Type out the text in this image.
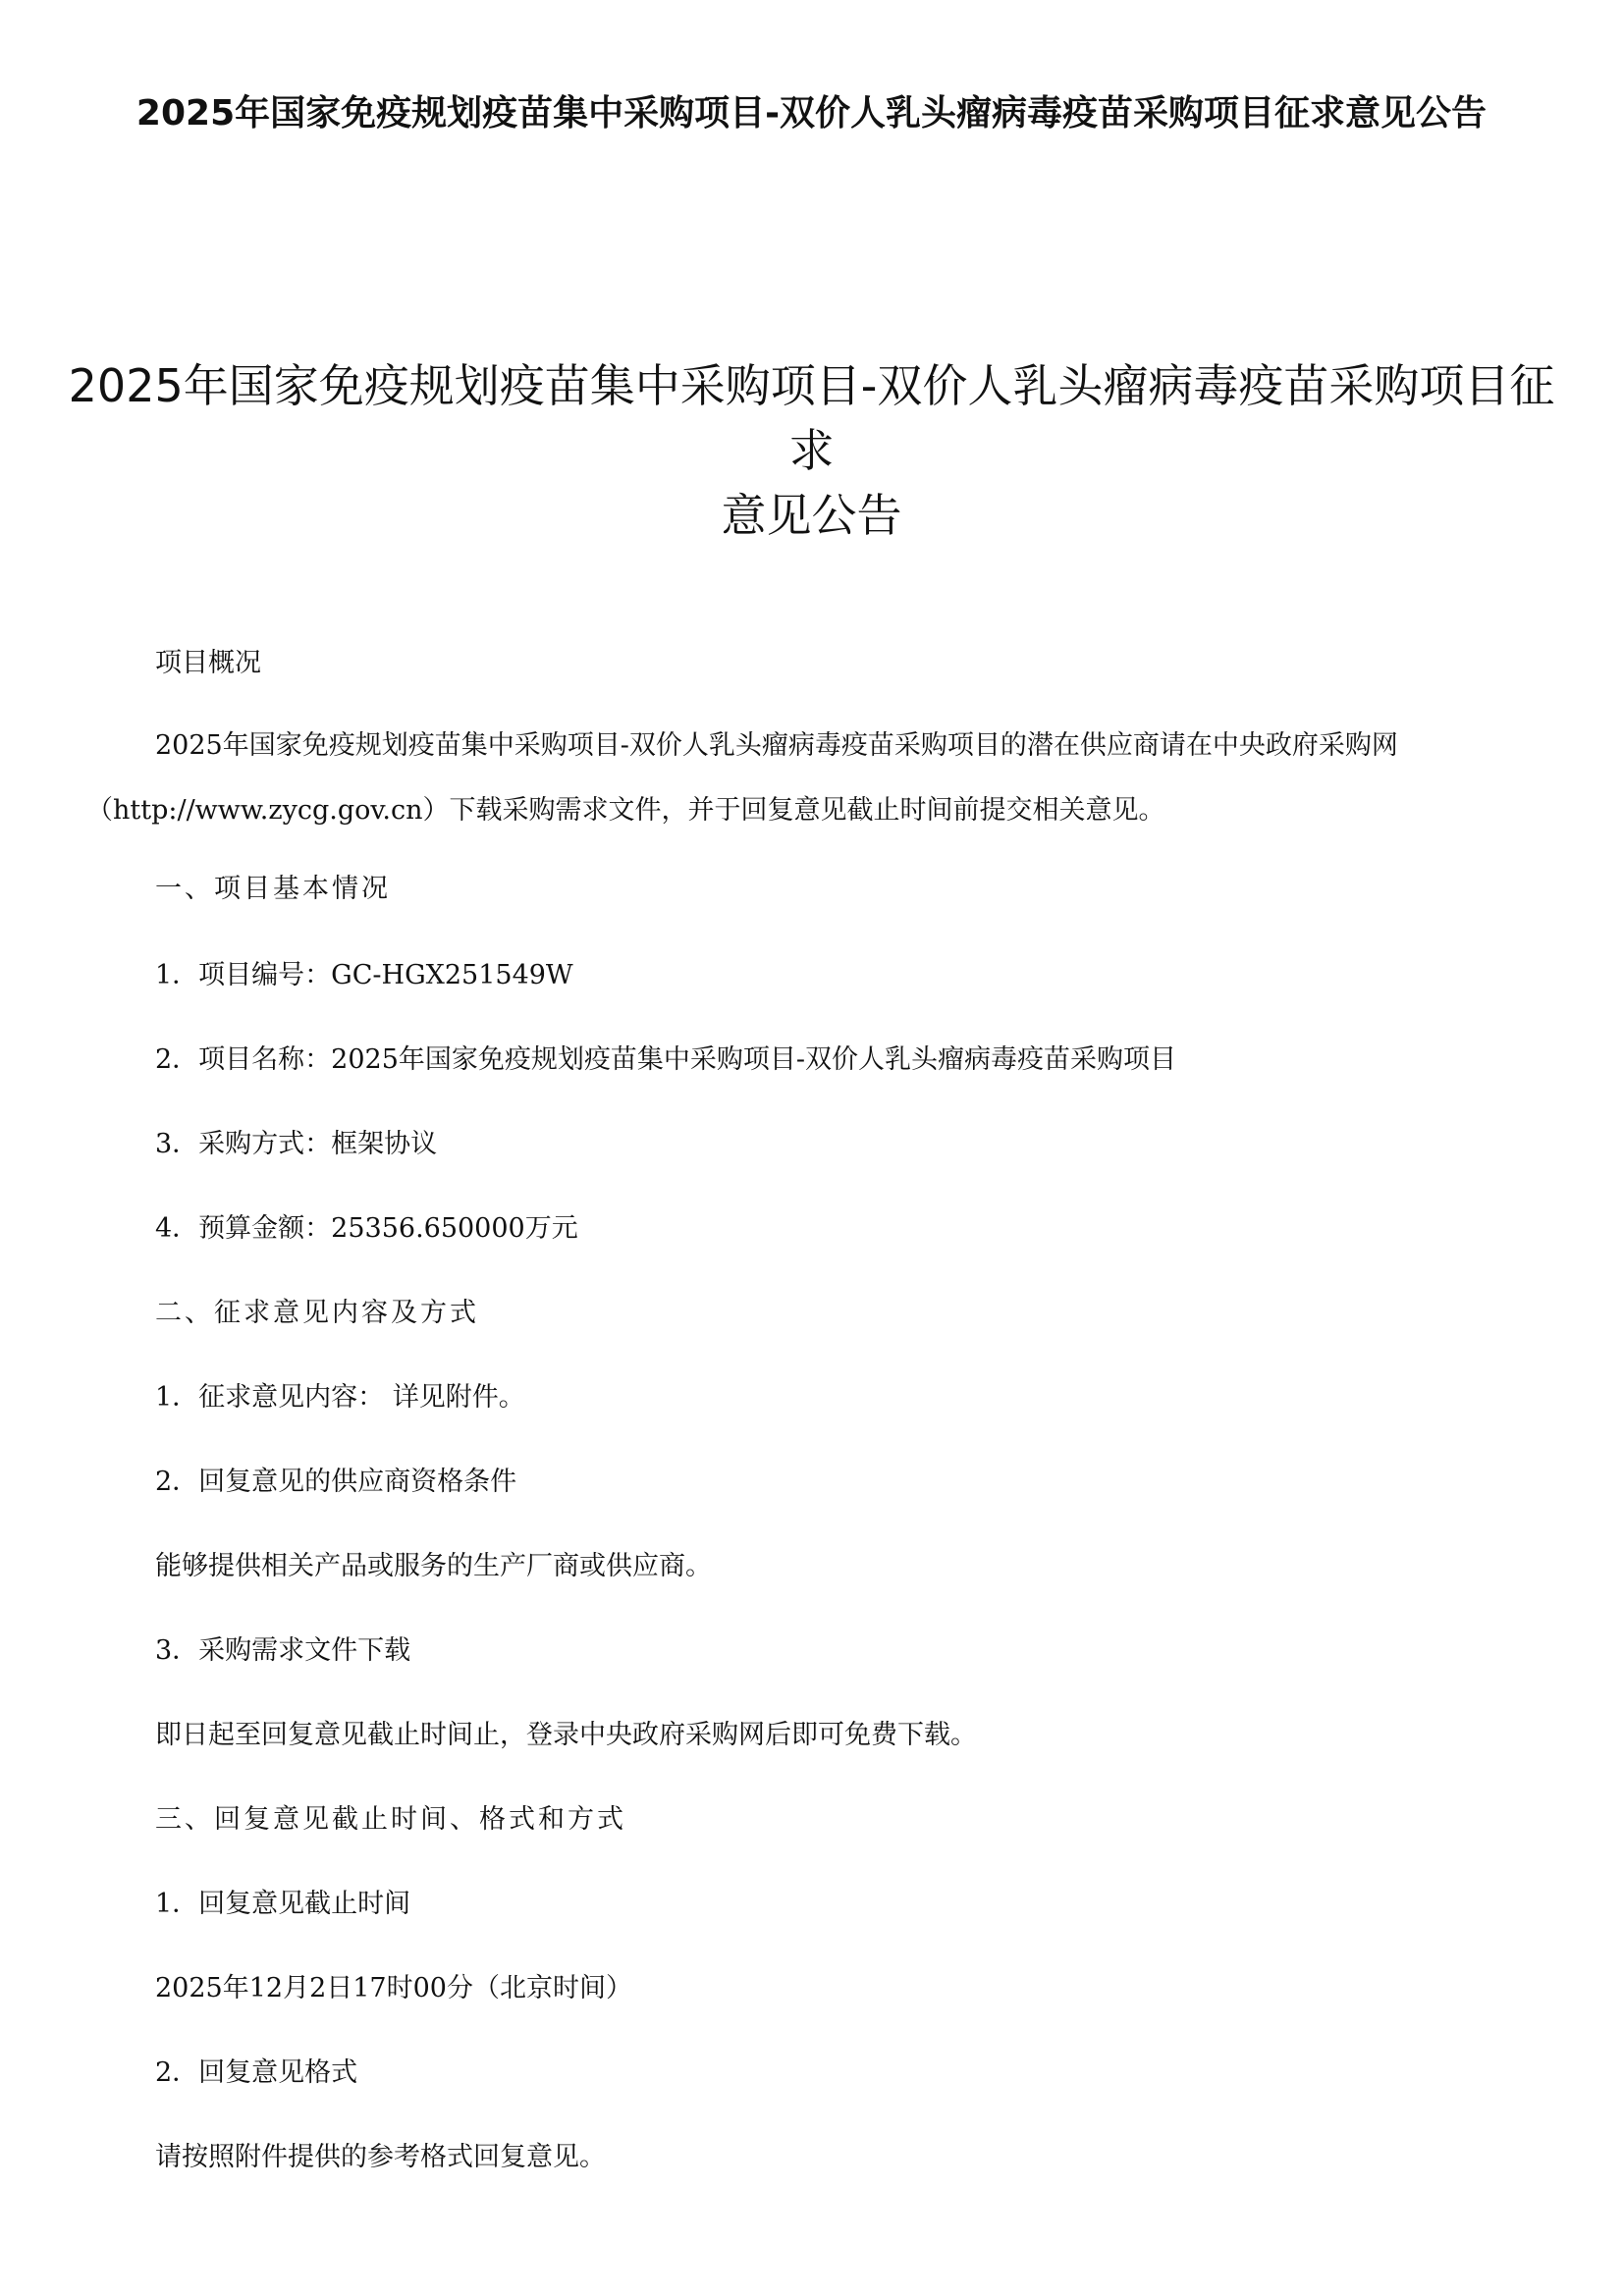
2025年国家免疫规划疫苗集中采购项目-双价人乳头瘤病毒疫苗采购项目征求意见公告
2025年国家免疫规划疫苗集中采购项目-双价人乳头瘤病毒疫苗采购项目征求
意见公告
项目概况
2025年国家免疫规划疫苗集中采购项目-双价人乳头瘤病毒疫苗采购项目的潜在供应商请在中央政府采购网
（http://www.zycg.gov.cn）下载采购需求文件，并于回复意见截止时间前提交相关意见。
一、项目基本情况
1．项目编号：GC-HGX251549W
2．项目名称：2025年国家免疫规划疫苗集中采购项目-双价人乳头瘤病毒疫苗采购项目
3．采购方式：框架协议
4．预算金额：25356.650000万元
二、征求意见内容及方式
1．征求意见内容： 详见附件。
2．回复意见的供应商资格条件
能够提供相关产品或服务的生产厂商或供应商。
3．采购需求文件下载
即日起至回复意见截止时间止，登录中央政府采购网后即可免费下载。
三、回复意见截止时间、格式和方式
1．回复意见截止时间
2025年12月2日17时00分（北京时间）
2．回复意见格式
请按照附件提供的参考格式回复意见。
